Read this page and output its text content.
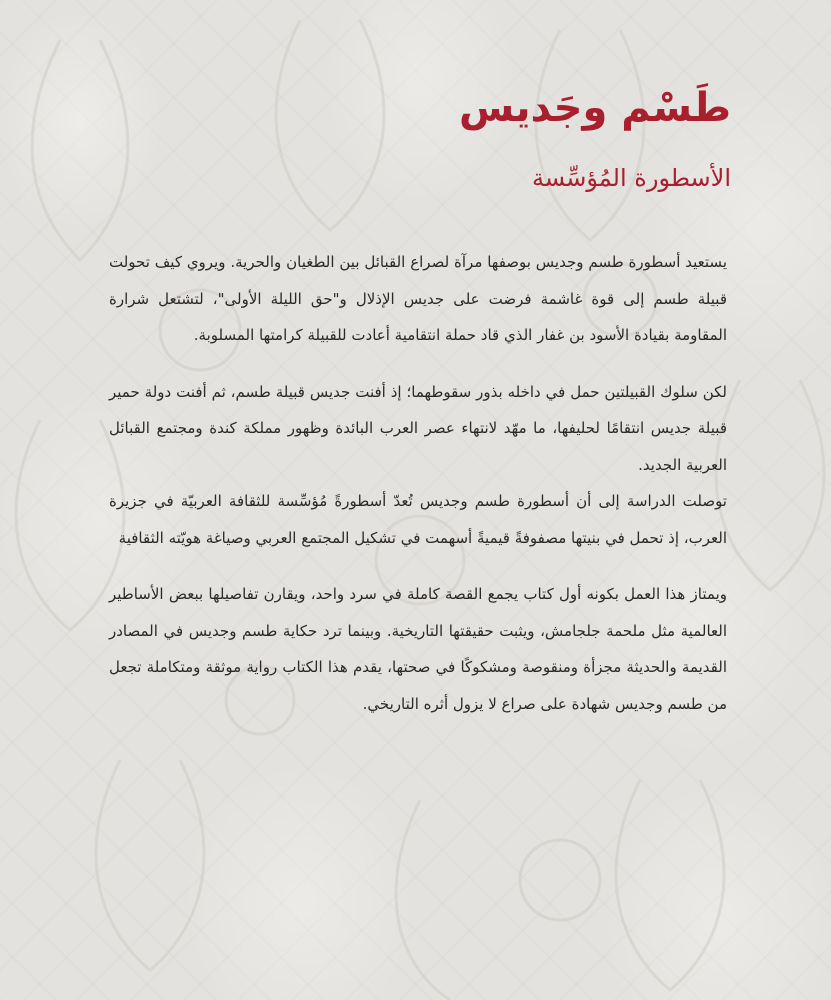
طَسْم وجَديس
الأسطورة المُؤسِّسة

يستعيد أسطورة طسم وجديس بوصفها مرآة لصراع القبائل بين الطغيان والحرية. ويروي كيف تحولت قبيلة طسم إلى قوة غاشمة فرضت على جديس الإذلال و"حق الليلة الأولى"، لتشتعل شرارة المقاومة بقيادة الأسود بن غفار الذي قاد حملة انتقامية أعادت للقبيلة كرامتها المسلوبة.

لكن سلوك القبيلتين حمل في داخله بذور سقوطهما؛ إذ أفنت جديس قبيلة طسم، ثم أفنت دولة حمير قبيلة جديس انتقامًا لحليفها، ما مهّد لانتهاء عصر العرب البائدة وظهور مملكة كندة ومجتمع القبائل العربية الجديد.

توصلت الدراسة إلى أن أسطورة طسم وجديس تُعدّ أسطورةً مُؤسِّسة للثقافة العربيّة في جزيرة العرب، إذ تحمل في بنيتها مصفوفةً قيميةً أسهمت في تشكيل المجتمع العربي وصياغة هويّته الثقافية

ويمتاز هذا العمل بكونه أول كتاب يجمع القصة كاملة في سرد واحد، ويقارن تفاصيلها ببعض الأساطير العالمية مثل ملحمة جلجامش، ويثبت حقيقتها التاريخية. وبينما ترد حكاية طسم وجديس في المصادر القديمة والحديثة مجزأة ومنقوصة ومشكوكًا في صحتها، يقدم هذا الكتاب رواية موثقة ومتكاملة تجعل من طسم وجديس شهادة على صراع لا يزول أثره التاريخي.
